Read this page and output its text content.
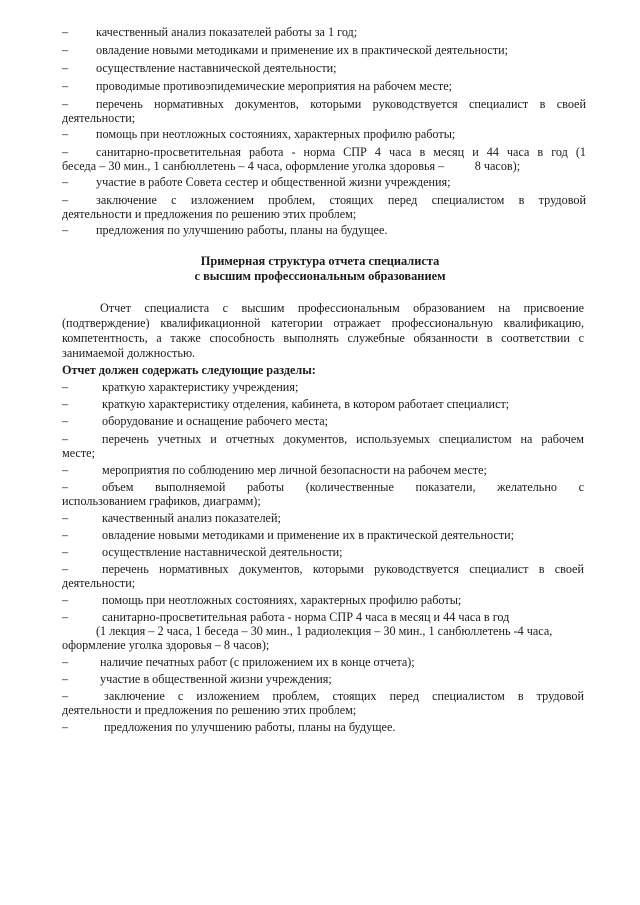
– качественный анализ показателей работы за 1 год;
– овладение новыми методиками и применение их в практической деятельности;
– осуществление наставнической деятельности;
– проводимые противоэпидемические мероприятия на рабочем месте;
– перечень нормативных документов, которыми руководствуется специалист в своей
деятельности;
– помощь при неотложных состояниях, характерных профилю работы;
– санитарно-просветительная работа - норма СПР 4 часа в месяц и 44 часа в год (1
беседа – 30 мин., 1 санбюллетень – 4 часа, оформление уголка здоровья –          8 часов);
– участие в работе Совета сестер и общественной жизни учреждения;
– заключение с изложением проблем, стоящих перед специалистом в трудовой
деятельности и предложения по решению этих проблем;
– предложения по улучшению работы, планы на будущее.
Примерная структура отчета специалиста
с высшим профессиональным образованием
Отчет специалиста с высшим профессиональным образованием на присвоение
(подтверждение) квалификационной категории отражает профессиональную квалификацию,
компетентность, а также способность выполнять служебные обязанности в соответствии с
занимаемой должностью.
Отчет должен содержать следующие разделы:
–	краткую характеристику учреждения;
–	краткую характеристику отделения, кабинета, в котором работает специалист;
–	оборудование и оснащение рабочего места;
–	перечень учетных и отчетных документов, используемых специалистом на рабочем
месте;
–	мероприятия по соблюдению мер личной безопасности на рабочем месте;
–	объем выполняемой работы (количественные показатели, желательно с
использованием графиков, диаграмм);
–	качественный анализ показателей;
–	овладение новыми методиками и применение их в практической деятельности;
–	осуществление наставнической деятельности;
–	перечень нормативных документов, которыми руководствуется специалист в своей
деятельности;
–	помощь при неотложных состояниях, характерных профилю работы;
–	санитарно-просветительная работа - норма СПР 4 часа в месяц и 44 часа в год
(1 лекция – 2 часа, 1 беседа – 30 мин., 1 радиолекция – 30 мин., 1 санбюллетень -4 часа,
оформление уголка здоровья – 8 часов);
–	наличие печатных работ (с приложением их в конце отчета);
–	участие в общественной жизни учреждения;
–	заключение с изложением проблем, стоящих перед специалистом в трудовой
деятельности и предложения по решению этих проблем;
–	предложения по улучшению работы, планы на будущее.
